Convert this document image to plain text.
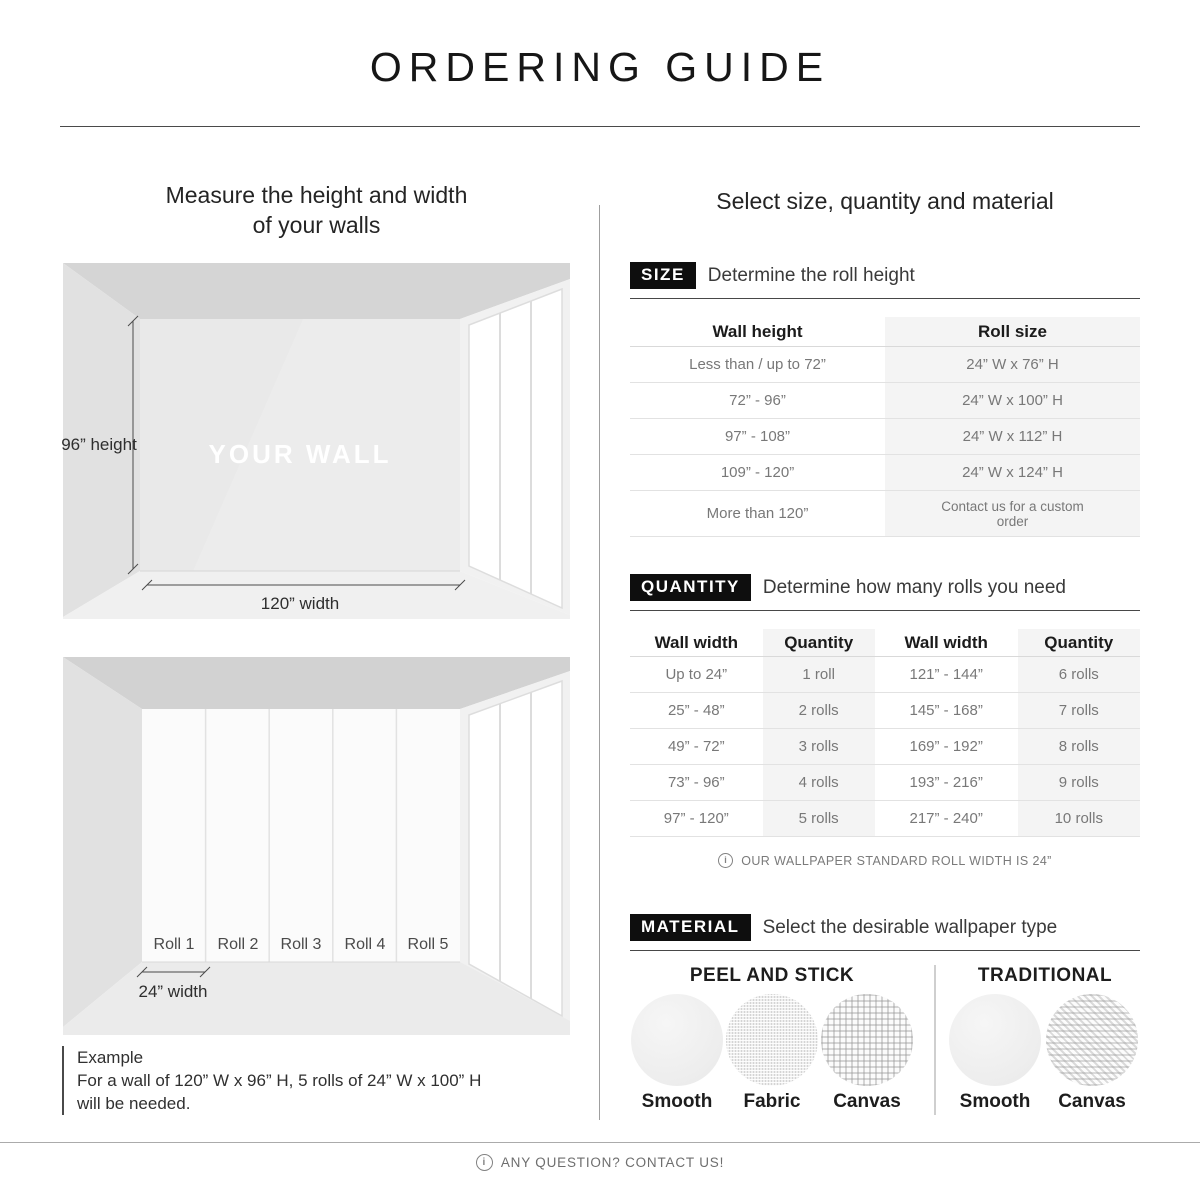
ORDERING GUIDE
Measure the height and width
of your walls
YOUR WALL
96” height
120” width
Roll 1	Roll 2	Roll 3	Roll 4	Roll 5
24” width
Example
For a wall of 120” W x 96” H, 5 rolls of 24” W x 100” H
will be needed.
Select size, quantity and material
SIZE	Determine the roll height
Wall height	Roll size
Less than / up to 72”	24” W x 76” H
72” - 96”	24” W x 100” H
97” - 108”	24” W x 112” H
109” - 120”	24” W x 124” H
More than 120”	Contact us for a custom order
QUANTITY	Determine how many rolls you need
Wall width	Quantity	Wall width	Quantity
Up to 24”	1 roll	121” - 144”	6 rolls
25” - 48”	2 rolls	145” - 168”	7 rolls
49” - 72”	3 rolls	169” - 192”	8 rolls
73” - 96”	4 rolls	193” - 216”	9 rolls
97” - 120”	5 rolls	217” - 240”	10 rolls
i	OUR WALLPAPER STANDARD ROLL WIDTH IS 24”
MATERIAL	Select the desirable wallpaper type
PEEL AND STICK	TRADITIONAL
Smooth	Fabric	Canvas	Smooth	Canvas
i	ANY QUESTION? CONTACT US!
